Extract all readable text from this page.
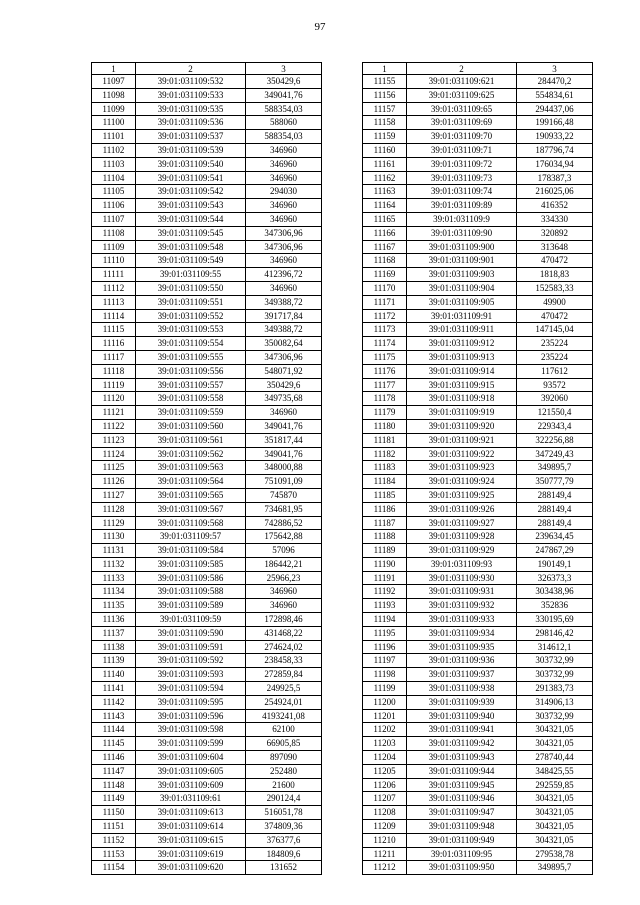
97
1	2	3
11097	39:01:031109:532	350429,6
11098	39:01:031109:533	349041,76
11099	39:01:031109:535	588354,03
11100	39:01:031109:536	588060
11101	39:01:031109:537	588354,03
11102	39:01:031109:539	346960
11103	39:01:031109:540	346960
11104	39:01:031109:541	346960
11105	39:01:031109:542	294030
11106	39:01:031109:543	346960
11107	39:01:031109:544	346960
11108	39:01:031109:545	347306,96
11109	39:01:031109:548	347306,96
11110	39:01:031109:549	346960
11111	39:01:031109:55	412396,72
11112	39:01:031109:550	346960
11113	39:01:031109:551	349388,72
11114	39:01:031109:552	391717,84
11115	39:01:031109:553	349388,72
11116	39:01:031109:554	350082,64
11117	39:01:031109:555	347306,96
11118	39:01:031109:556	548071,92
11119	39:01:031109:557	350429,6
11120	39:01:031109:558	349735,68
11121	39:01:031109:559	346960
11122	39:01:031109:560	349041,76
11123	39:01:031109:561	351817,44
11124	39:01:031109:562	349041,76
11125	39:01:031109:563	348000,88
11126	39:01:031109:564	751091,09
11127	39:01:031109:565	745870
11128	39:01:031109:567	734681,95
11129	39:01:031109:568	742886,52
11130	39:01:031109:57	175642,88
11131	39:01:031109:584	57096
11132	39:01:031109:585	186442,21
11133	39:01:031109:586	25966,23
11134	39:01:031109:588	346960
11135	39:01:031109:589	346960
11136	39:01:031109:59	172898,46
11137	39:01:031109:590	431468,22
11138	39:01:031109:591	274624,02
11139	39:01:031109:592	238458,33
11140	39:01:031109:593	272859,84
11141	39:01:031109:594	249925,5
11142	39:01:031109:595	254924,01
11143	39:01:031109:596	4193241,08
11144	39:01:031109:598	62100
11145	39:01:031109:599	66905,85
11146	39:01:031109:604	897090
11147	39:01:031109:605	252480
11148	39:01:031109:609	21600
11149	39:01:031109:61	290124,4
11150	39:01:031109:613	516051,78
11151	39:01:031109:614	374809,36
11152	39:01:031109:615	376377,6
11153	39:01:031109:619	184809,6
11154	39:01:031109:620	131652
1	2	3
11155	39:01:031109:621	284470,2
11156	39:01:031109:625	554834,61
11157	39:01:031109:65	294437,06
11158	39:01:031109:69	199166,48
11159	39:01:031109:70	190933,22
11160	39:01:031109:71	187796,74
11161	39:01:031109:72	176034,94
11162	39:01:031109:73	178387,3
11163	39:01:031109:74	216025,06
11164	39:01:031109:89	416352
11165	39:01:031109:9	334330
11166	39:01:031109:90	320892
11167	39:01:031109:900	313648
11168	39:01:031109:901	470472
11169	39:01:031109:903	1818,83
11170	39:01:031109:904	152583,33
11171	39:01:031109:905	49900
11172	39:01:031109:91	470472
11173	39:01:031109:911	147145,04
11174	39:01:031109:912	235224
11175	39:01:031109:913	235224
11176	39:01:031109:914	117612
11177	39:01:031109:915	93572
11178	39:01:031109:918	392060
11179	39:01:031109:919	121550,4
11180	39:01:031109:920	229343,4
11181	39:01:031109:921	322256,88
11182	39:01:031109:922	347249,43
11183	39:01:031109:923	349895,7
11184	39:01:031109:924	350777,79
11185	39:01:031109:925	288149,4
11186	39:01:031109:926	288149,4
11187	39:01:031109:927	288149,4
11188	39:01:031109:928	239634,45
11189	39:01:031109:929	247867,29
11190	39:01:031109:93	190149,1
11191	39:01:031109:930	326373,3
11192	39:01:031109:931	303438,96
11193	39:01:031109:932	352836
11194	39:01:031109:933	330195,69
11195	39:01:031109:934	298146,42
11196	39:01:031109:935	314612,1
11197	39:01:031109:936	303732,99
11198	39:01:031109:937	303732,99
11199	39:01:031109:938	291383,73
11200	39:01:031109:939	314906,13
11201	39:01:031109:940	303732,99
11202	39:01:031109:941	304321,05
11203	39:01:031109:942	304321,05
11204	39:01:031109:943	278740,44
11205	39:01:031109:944	348425,55
11206	39:01:031109:945	292559,85
11207	39:01:031109:946	304321,05
11208	39:01:031109:947	304321,05
11209	39:01:031109:948	304321,05
11210	39:01:031109:949	304321,05
11211	39:01:031109:95	279538,78
11212	39:01:031109:950	349895,7
